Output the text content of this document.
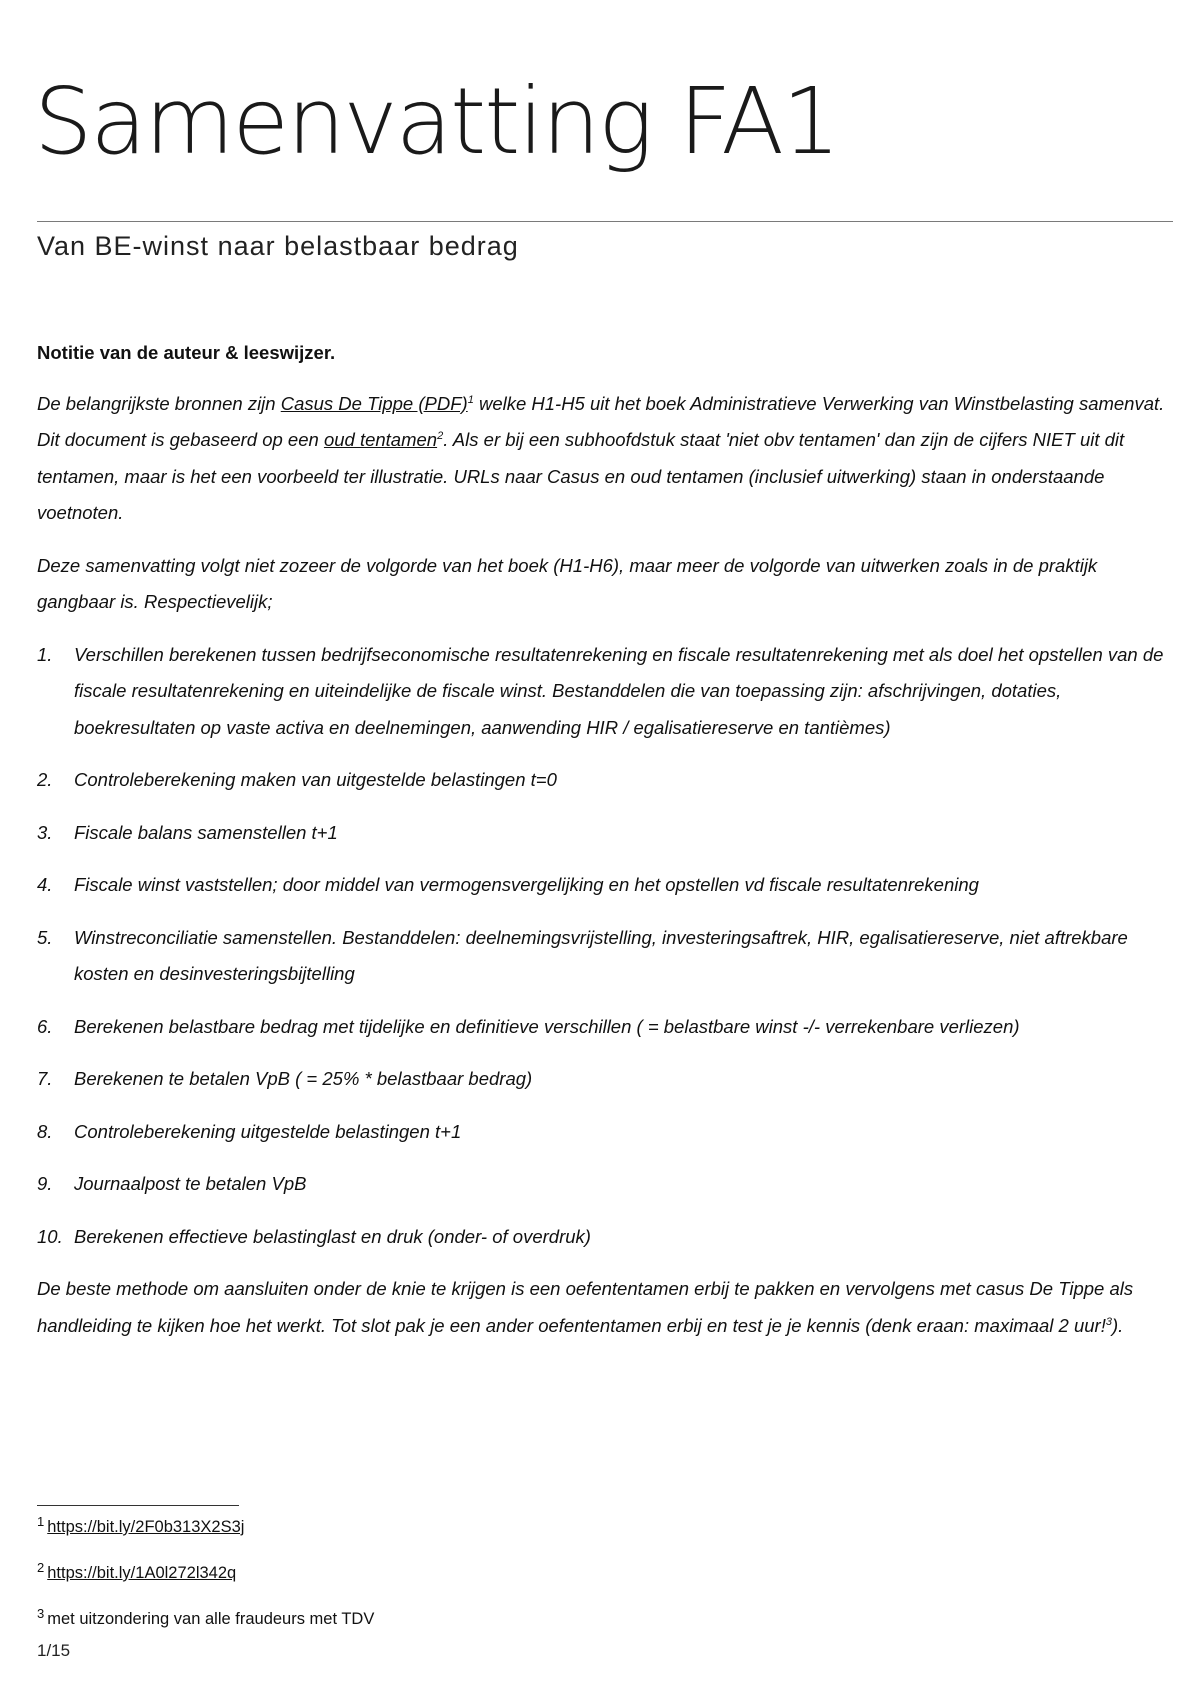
Samenvatting FA1
Van BE-winst naar belastbaar bedrag

Notitie van de auteur & leeswijzer.

De belangrijkste bronnen zijn Casus De Tippe (PDF)$^1$ welke H1-H5 uit het boek Administratieve Verwerking van Winstbelasting samenvat. Dit document is gebaseerd op een oud tentamen$^2$. Als er bij een subhoofdstuk staat 'niet obv tentamen' dan zijn de cijfers NIET uit dit tentamen, maar is het een voorbeeld ter illustratie. URLs naar Casus en oud tentamen (inclusief uitwerking) staan in onderstaande voetnoten.

Deze samenvatting volgt niet zozeer de volgorde van het boek (H1-H6), maar meer de volgorde van uitwerken zoals in de praktijk gangbaar is. Respectievelijk;

1. Verschillen berekenen tussen bedrijfseconomische resultatenrekening en fiscale resultatenrekening met als doel het opstellen van de fiscale resultatenrekening en uiteindelijke de fiscale winst. Bestanddelen die van toepassing zijn: afschrijvingen, dotaties, boekresultaten op vaste activa en deelnemingen, aanwending HIR / egalisatiereserve en tantièmes)
2. Controleberekening maken van uitgestelde belastingen t=0
3. Fiscale balans samenstellen t+1
4. Fiscale winst vaststellen; door middel van vermogensvergelijking en het opstellen vd fiscale resultatenrekening
5. Winstreconciliatie samenstellen. Bestanddelen: deelnemingsvrijstelling, investeringsaftrek, HIR, egalisatiereserve, niet aftrekbare kosten en desinvesteringsbijtelling
6. Berekenen belastbare bedrag met tijdelijke en definitieve verschillen ( = belastbare winst -/- verrekenbare verliezen)
7. Berekenen te betalen VpB ( = 25% * belastbaar bedrag)
8. Controleberekening uitgestelde belastingen t+1
9. Journaalpost te betalen VpB
10. Berekenen effectieve belastinglast en druk (onder- of overdruk)

De beste methode om aansluiten onder de knie te krijgen is een oefententamen erbij te pakken en vervolgens met casus De Tippe als handleiding te kijken hoe het werkt. Tot slot pak je een ander oefententamen erbij en test je je kennis (denk eraan: maximaal 2 uur!$^3$).

$^1$ https://bit.ly/2F0b313X2S3j
$^2$ https://bit.ly/1A0l272l342q
$^3$ met uitzondering van alle fraudeurs met TDV
1/15
